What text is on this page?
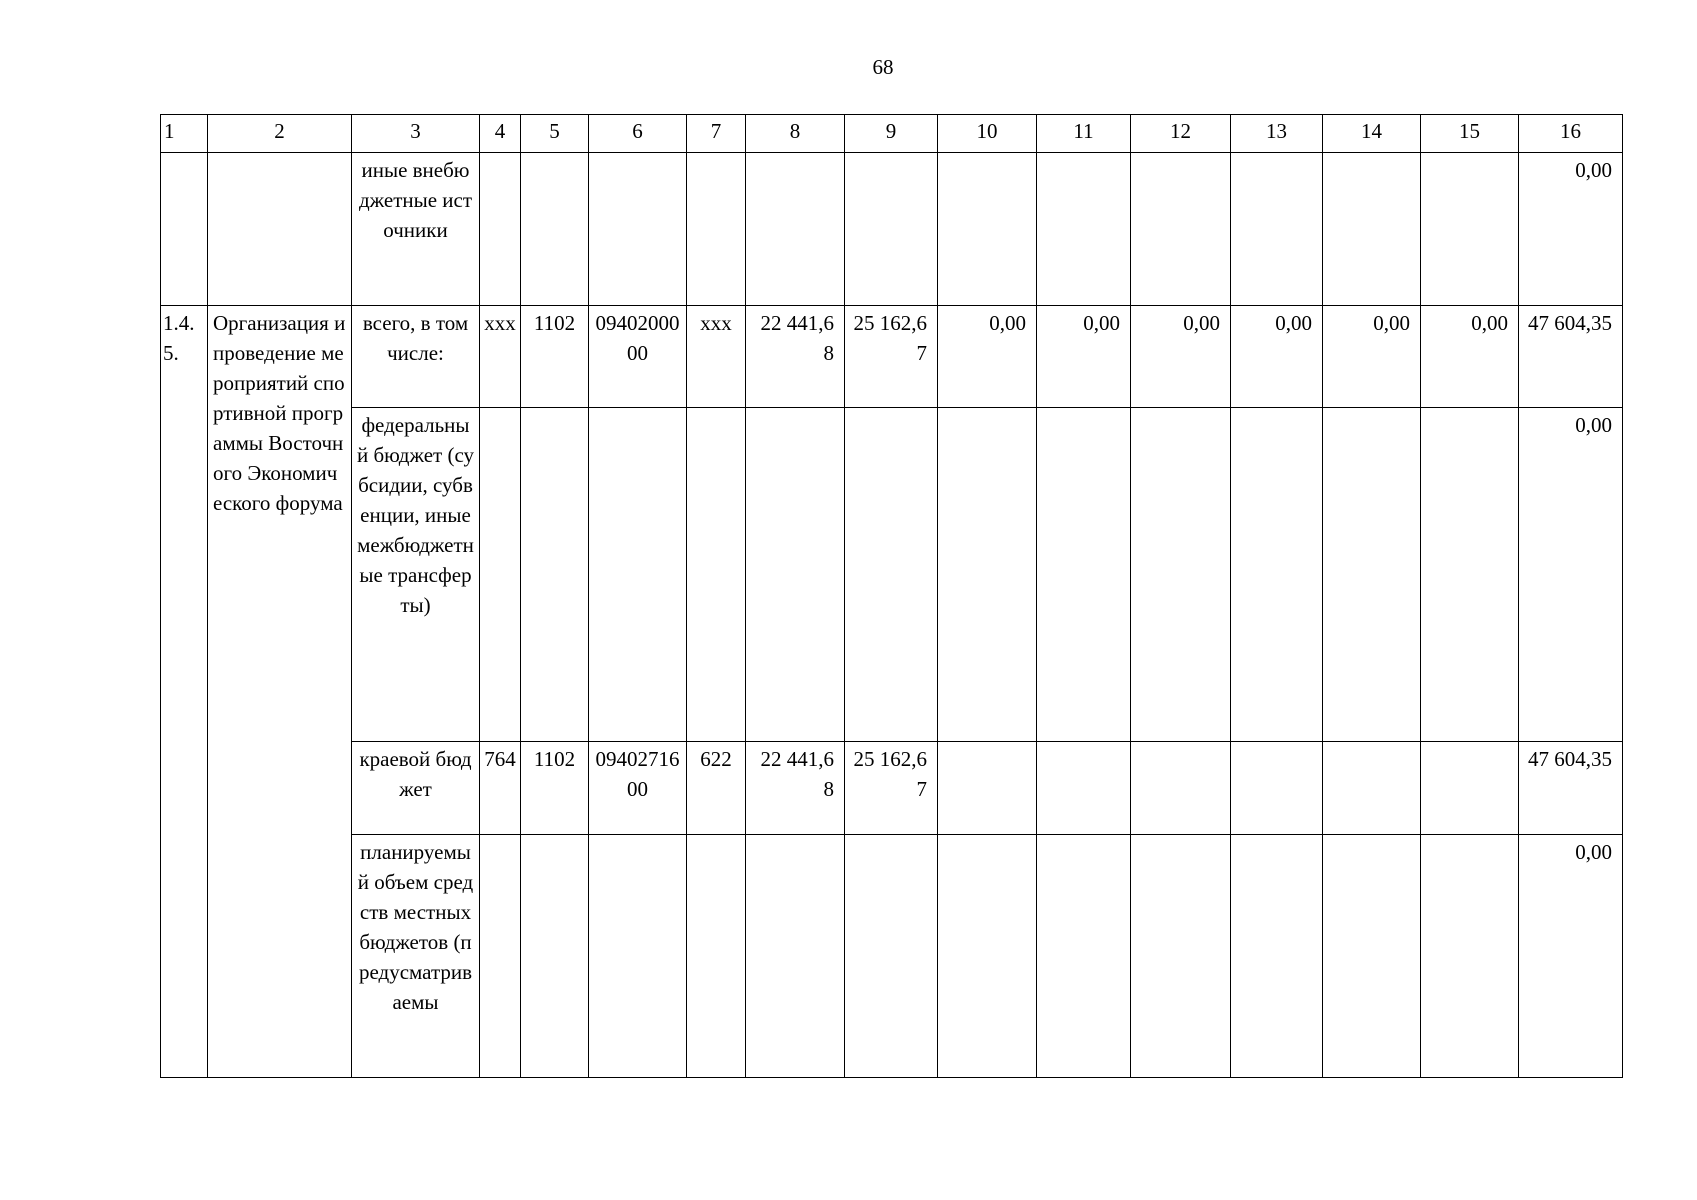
68
1	2	3	4	5	6	7	8	9	10	11	12	13	14	15	16
		иные внебюджетные источники													0,00
1.4.5.	Организация и проведение мероприятий спортивной программы Восточного Экономического форума	всего, в том числе:	ххх	1102	0940200000	ххх	22 441,68	25 162,67	0,00	0,00	0,00	0,00	0,00	0,00	47 604,35
		федеральный бюджет (субсидии, субвенции, иные межбюджетные трансферты)													0,00
		краевой бюджет	764	1102	0940271600	622	22 441,68	25 162,67							47 604,35
		планируемый объем средств местных бюджетов (предусматриваемы													0,00
